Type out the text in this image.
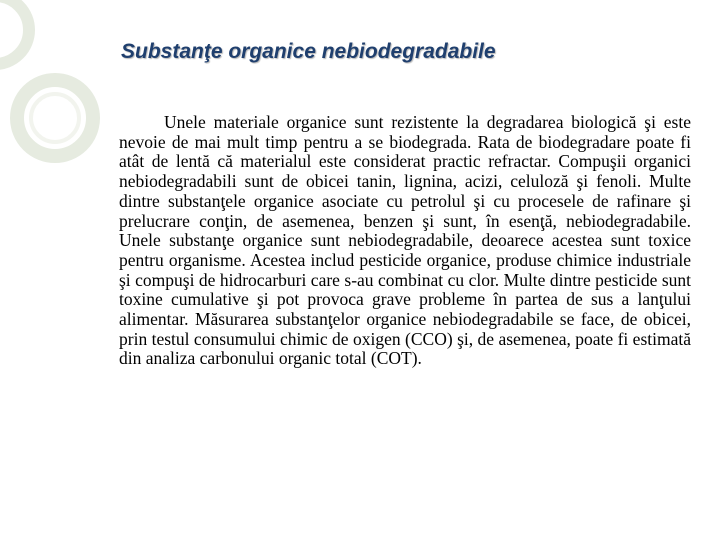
Substanţe organice nebiodegradabile

Unele materiale organice sunt rezistente la degradarea biologică şi este nevoie de mai mult timp pentru a se biodegrada. Rata de biodegradare poate fi atât de lentă că materialul este considerat practic refractar. Compuşii organici nebiodegradabili sunt de obicei tanin, lignina, acizi, celuloză şi fenoli. Multe dintre substanţele organice asociate cu petrolul şi cu procesele de rafinare şi prelucrare conţin, de asemenea, benzen şi sunt, în esenţă, nebiodegradabile. Unele substanţe organice sunt nebiodegradabile, deoarece acestea sunt toxice pentru organisme. Acestea includ pesticide organice, produse chimice industriale şi compuşi de hidrocarburi care s-au combinat cu clor. Multe dintre pesticide sunt toxine cumulative şi pot provoca grave probleme în partea de sus a lanţului alimentar. Măsurarea substanţelor organice nebiodegradabile se face, de obicei, prin testul consumului chimic de oxigen (CCO) şi, de asemenea, poate fi estimată din analiza carbonului organic total (COT).
